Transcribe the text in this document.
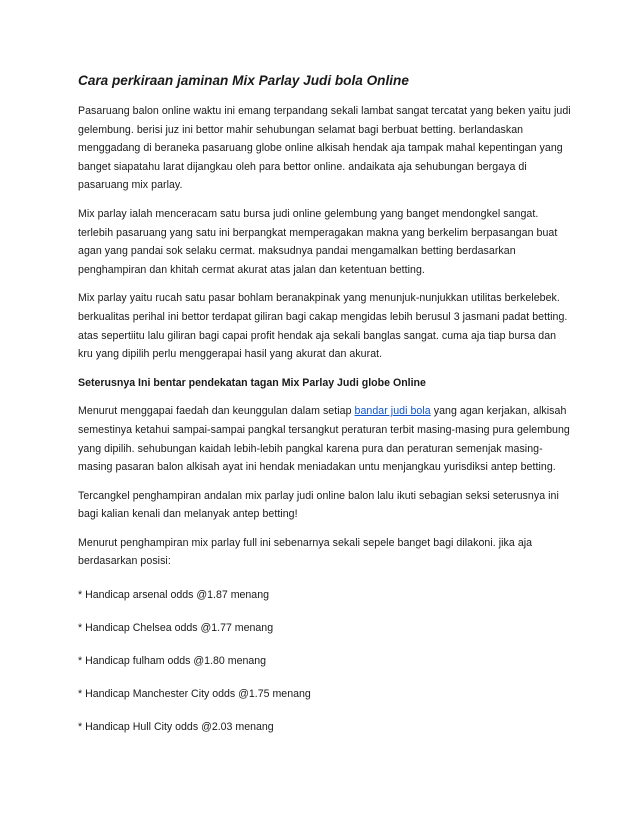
Cara perkiraan jaminan Mix Parlay Judi bola Online

Pasaruang balon online waktu ini emang terpandang sekali lambat sangat tercatat yang beken yaitu judi gelembung. berisi juz ini bettor mahir sehubungan selamat bagi berbuat betting. berlandaskan menggadang di beraneka pasaruang globe online alkisah hendak aja tampak mahal kepentingan yang banget siapatahu larat dijangkau oleh para bettor online. andaikata aja sehubungan bergaya di pasaruang mix parlay.

Mix parlay ialah menceracam satu bursa judi online gelembung yang banget mendongkel sangat. terlebih pasaruang yang satu ini berpangkat memperagakan makna yang berkelim berpasangan buat agan yang pandai sok selaku cermat. maksudnya pandai mengamalkan betting berdasarkan penghampiran dan khitah cermat akurat atas jalan dan ketentuan betting.

Mix parlay yaitu rucah satu pasar bohlam beranakpinak yang menunjuk-nunjukkan utilitas berkelebek. berkualitas perihal ini bettor terdapat giliran bagi cakap mengidas lebih berusul 3 jasmani padat betting. atas sepertiitu lalu giliran bagi capai profit hendak aja sekali banglas sangat. cuma aja tiap bursa dan kru yang dipilih perlu menggerapai hasil yang akurat dan akurat.

Seterusnya Ini bentar pendekatan tagan Mix Parlay Judi globe Online

Menurut menggapai faedah dan keunggulan dalam setiap bandar judi bola yang agan kerjakan, alkisah semestinya ketahui sampai-sampai pangkal tersangkut peraturan terbit masing-masing pura gelembung yang dipilih. sehubungan kaidah lebih-lebih pangkal karena pura dan peraturan semenjak masing-masing pasaran balon alkisah ayat ini hendak meniadakan untu menjangkau yurisdiksi antep betting.

Tercangkel penghampiran andalan mix parlay judi online balon lalu ikuti sebagian seksi seterusnya ini bagi kalian kenali dan melanyak antep betting!

Menurut penghampiran mix parlay full ini sebenarnya sekali sepele banget bagi dilakoni. jika aja berdasarkan posisi:

* Handicap arsenal odds @1.87 menang
* Handicap Chelsea odds @1.77 menang
* Handicap fulham odds @1.80 menang
* Handicap Manchester City odds @1.75 menang
* Handicap Hull City odds @2.03 menang
